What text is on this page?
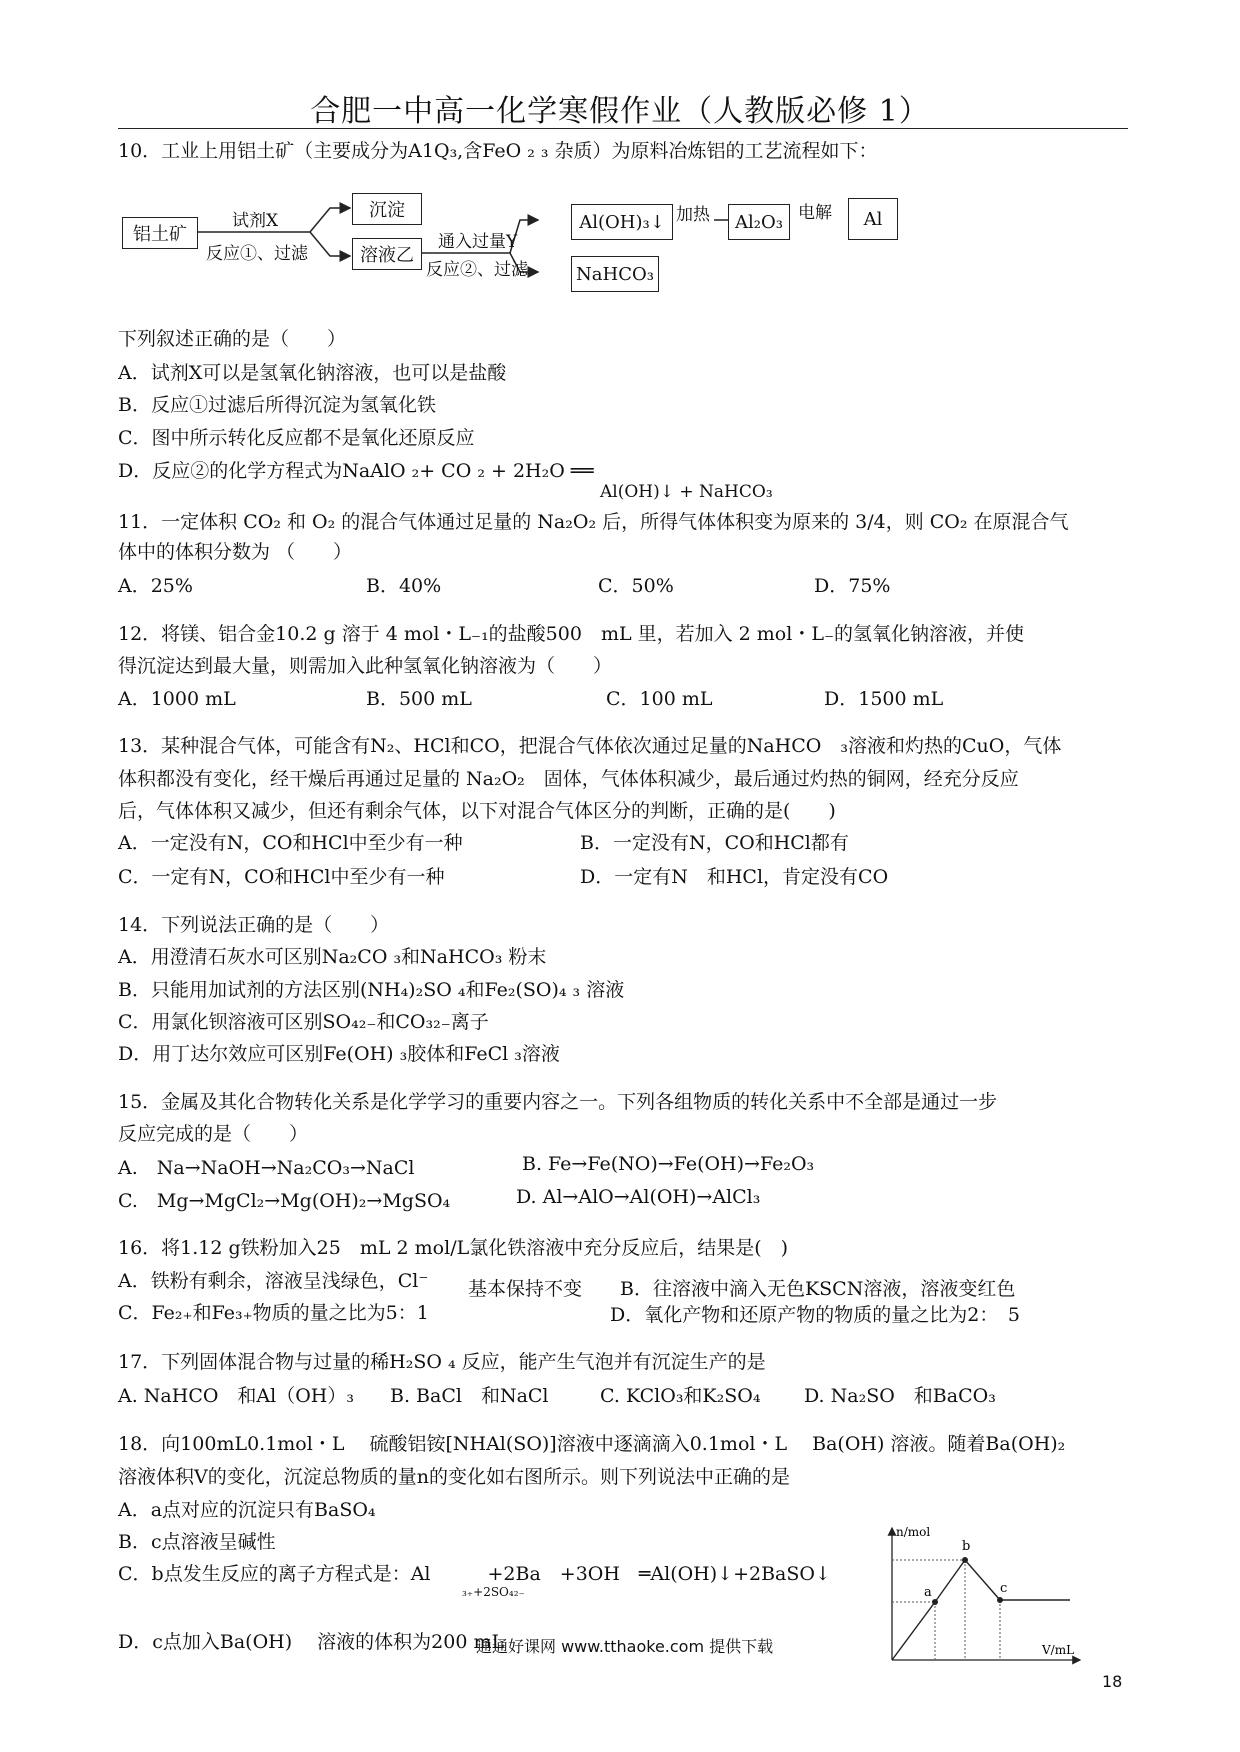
合肥一中高一化学寒假作业（人教版必修 1）
10．工业上用铝土矿（主要成分为A1Q₃,含FeO ₂ ₃ 杂质）为原料冶炼铝的工艺流程如下：
铝土矿
试剂X
反应①、过滤
沉淀
溶液乙
通入过量Y
反应②、过滤
Al(OH)₃↓
NaHCO₃
加热	Al₂O₃ 电解	Al
下列叙述正确的是（　　）
A．试剂X可以是氢氧化钠溶液，也可以是盐酸
B．反应①过滤后所得沉淀为氢氧化铁
C．图中所示转化反应都不是氧化还原反应
D．反应②的化学方程式为NaAlO ₂+ CO ₂ + 2H₂O ══
Al(OH)↓ + NaHCO₃
11．一定体积 CO₂ 和 O₂ 的混合气体通过足量的 Na₂O₂ 后，所得气体体积变为原来的 3/4，则 CO₂ 在原混合气
体中的体积分数为 （　　）
A．25%	B．40%	C．50%	D．75%
12．将镁、铝合金10.2 g 溶于 4 mol・L₋₁的盐酸500　mL 里，若加入 2 mol・L₋的氢氧化钠溶液，并使
得沉淀达到最大量，则需加入此种氢氧化钠溶液为（　　）
A．1000 mL	B．500 mL	C．100 mL	D．1500 mL
13．某种混合气体，可能含有N₂、HCl和CO，把混合气体依次通过足量的NaHCO　₃溶液和灼热的CuO，气体
体积都没有变化，经干燥后再通过足量的 Na₂O₂　固体，气体体积减少，最后通过灼热的铜网，经充分反应
后，气体体积又减少，但还有剩余气体，以下对混合气体区分的判断，正确的是(　　)
A．一定没有N，CO和HCl中至少有一种	B．一定没有N，CO和HCl都有
C．一定有N，CO和HCl中至少有一种	D．一定有N　和HCl，肯定没有CO
14．下列说法正确的是（　　）
A．用澄清石灰水可区别Na₂CO ₃和NaHCO₃ 粉末
B．只能用加试剂的方法区别(NH₄)₂SO ₄和Fe₂(SO)₄ ₃ 溶液
C．用氯化钡溶液可区别SO₄₂₋和CO₃₂₋离子
D．用丁达尔效应可区别Fe(OH) ₃胶体和FeCl ₃溶液
15．金属及其化合物转化关系是化学学习的重要内容之一。下列各组物质的转化关系中不全部是通过一步
反应完成的是（　　）
A.　Na→NaOH→Na₂CO₃→NaCl	B. Fe→Fe(NO)→Fe(OH)→Fe₂O₃
C.　Mg→MgCl₂→Mg(OH)₂→MgSO₄	D. Al→AlO→Al(OH)→AlCl₃
16．将1.12 g铁粉加入25　mL 2 mol/L氯化铁溶液中充分反应后，结果是(　)
A．铁粉有剩余，溶液呈浅绿色，Cl⁻ 基本保持不变 B．往溶液中滴入无色KSCN溶液，溶液变红色
C．Fe₂₊和Fe₃₊物质的量之比为5：1	D．氧化产物和还原产物的物质的量之比为2：　5
17．下列固体混合物与过量的稀H₂SO ₄ 反应，能产生气泡并有沉淀生产的是
A. NaHCO　和Al（OH）₃ B. BaCl　和NaCl	C. KClO₃和K₂SO₄ D. Na₂SO　和BaCO₃
18．向100mL0.1mol・L　 硫酸铝铵[NHAl(SO)]溶液中逐滴滴入0.1mol・L　 Ba(OH) 溶液。随着Ba(OH)₂
溶液体积V的变化，沉淀总物质的量n的变化如右图所示。则下列说法中正确的是
A．a点对应的沉淀只有BaSO₄
B．c点溶液呈碱性
C．b点发生反应的离子方程式是：Al　　　+2Ba　+3OH　═Al(OH)↓+2BaSO↓
₃₊+2SO₄₂₋
D．c点加入Ba(OH)　 溶液的体积为200 mL
n/mol
V/mL
a
b
c
通通好课网 www.tthaoke.com 提供下载
18
